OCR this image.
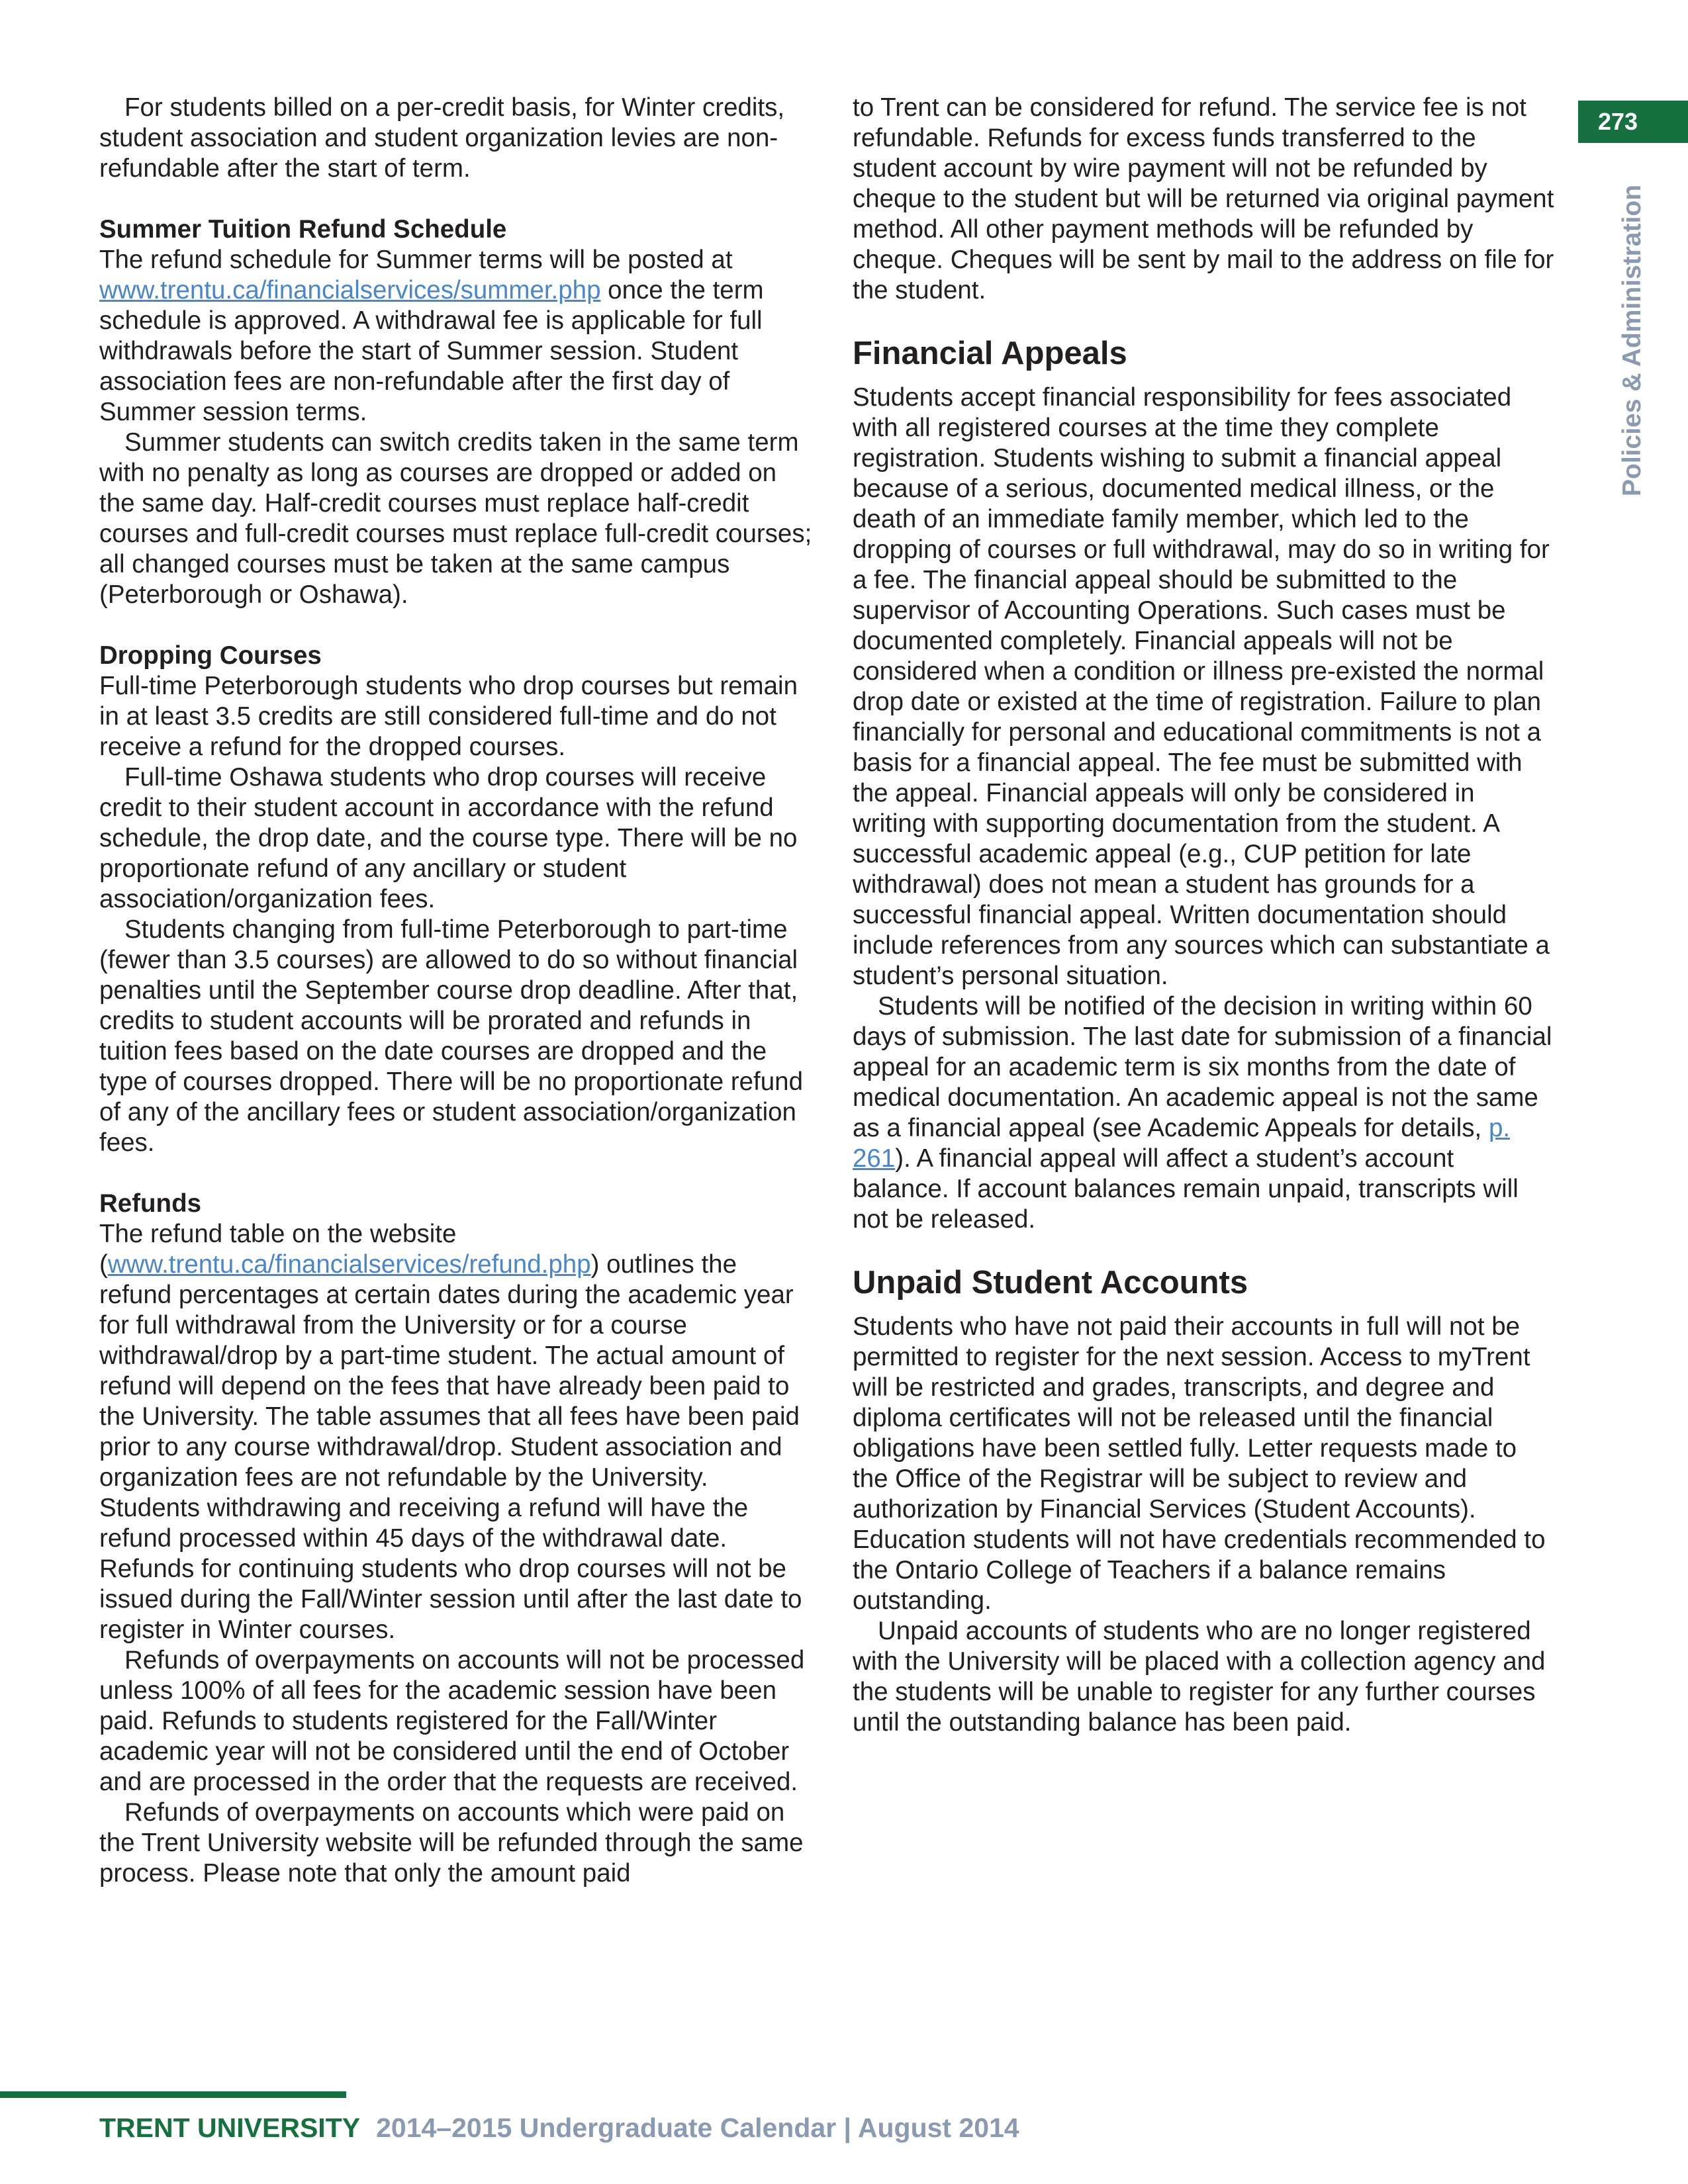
273
Policies & Administration

For students billed on a per-credit basis, for Winter credits, student association and student organization levies are non-refundable after the start of term.

Summer Tuition Refund Schedule

The refund schedule for Summer terms will be posted at www.trentu.ca/financialservices/summer.php once the term schedule is approved. A withdrawal fee is applicable for full withdrawals before the start of Summer session. Student association fees are non-refundable after the first day of Summer session terms.

Summer students can switch credits taken in the same term with no penalty as long as courses are dropped or added on the same day. Half-credit courses must replace half-credit courses and full-credit courses must replace full-credit courses; all changed courses must be taken at the same campus (Peterborough or Oshawa).

Dropping Courses

Full-time Peterborough students who drop courses but remain in at least 3.5 credits are still considered full-time and do not receive a refund for the dropped courses.

Full-time Oshawa students who drop courses will receive credit to their student account in accordance with the refund schedule, the drop date, and the course type. There will be no proportionate refund of any ancillary or student association/organization fees.

Students changing from full-time Peterborough to part-time (fewer than 3.5 courses) are allowed to do so without financial penalties until the September course drop deadline. After that, credits to student accounts will be prorated and refunds in tuition fees based on the date courses are dropped and the type of courses dropped. There will be no proportionate refund of any of the ancillary fees or student association/organization fees.

Refunds

The refund table on the website (www.trentu.ca/financialservices/refund.php) outlines the refund percentages at certain dates during the academic year for full withdrawal from the University or for a course withdrawal/drop by a part-time student. The actual amount of refund will depend on the fees that have already been paid to the University. The table assumes that all fees have been paid prior to any course withdrawal/drop. Student association and organization fees are not refundable by the University. Students withdrawing and receiving a refund will have the refund processed within 45 days of the withdrawal date. Refunds for continuing students who drop courses will not be issued during the Fall/Winter session until after the last date to register in Winter courses.

Refunds of overpayments on accounts will not be processed unless 100% of all fees for the academic session have been paid. Refunds to students registered for the Fall/Winter academic year will not be considered until the end of October and are processed in the order that the requests are received.

Refunds of overpayments on accounts which were paid on the Trent University website will be refunded through the same process. Please note that only the amount paid

to Trent can be considered for refund. The service fee is not refundable. Refunds for excess funds transferred to the student account by wire payment will not be refunded by cheque to the student but will be returned via original payment method. All other payment methods will be refunded by cheque. Cheques will be sent by mail to the address on file for the student.

Financial Appeals

Students accept financial responsibility for fees associated with all registered courses at the time they complete registration. Students wishing to submit a financial appeal because of a serious, documented medical illness, or the death of an immediate family member, which led to the dropping of courses or full withdrawal, may do so in writing for a fee. The financial appeal should be submitted to the supervisor of Accounting Operations. Such cases must be documented completely. Financial appeals will not be considered when a condition or illness pre-existed the normal drop date or existed at the time of registration. Failure to plan financially for personal and educational commitments is not a basis for a financial appeal. The fee must be submitted with the appeal. Financial appeals will only be considered in writing with supporting documentation from the student. A successful academic appeal (e.g., CUP petition for late withdrawal) does not mean a student has grounds for a successful financial appeal. Written documentation should include references from any sources which can substantiate a student’s personal situation.

Students will be notified of the decision in writing within 60 days of submission. The last date for submission of a financial appeal for an academic term is six months from the date of medical documentation. An academic appeal is not the same as a financial appeal (see Academic Appeals for details, p. 261). A financial appeal will affect a student’s account balance. If account balances remain unpaid, transcripts will not be released.

Unpaid Student Accounts

Students who have not paid their accounts in full will not be permitted to register for the next session. Access to myTrent will be restricted and grades, transcripts, and degree and diploma certificates will not be released until the financial obligations have been settled fully. Letter requests made to the Office of the Registrar will be subject to review and authorization by Financial Services (Student Accounts). Education students will not have credentials recommended to the Ontario College of Teachers if a balance remains outstanding.

Unpaid accounts of students who are no longer registered with the University will be placed with a collection agency and the students will be unable to register for any further courses until the outstanding balance has been paid.

TRENT UNIVERSITY 2014–2015 Undergraduate Calendar | August 2014
